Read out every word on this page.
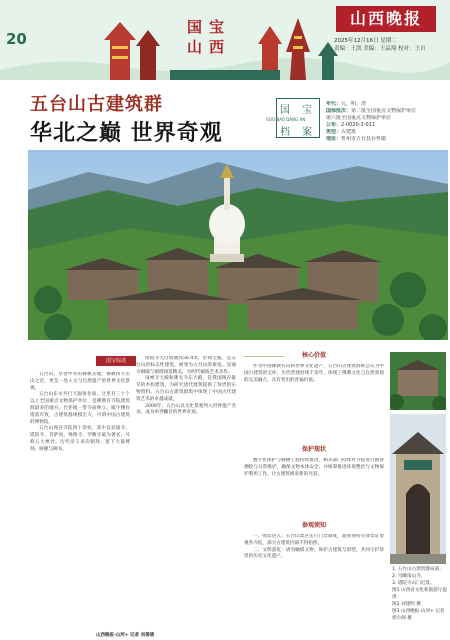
20
国 宝
山 西
山西晚报
2025年12月16日 星期二
责编：王凯 美编：王晶翔 校对：王自
五台山古建筑群
华北之巅 世界奇观
国 宝
档 案
GUO BAO DANG AN
年代：元、明、清
国保批次：第二批全国重点文物保护单位
第六批全国重点文物保护单位
公布：2-0020-3-011
类型：古建筑
地址：忻州市五台县台怀镇
国宝综述

五台山，享誉中外的佛教圣地，佛教四大名山之首，更是一处人文与自然遗产的世界文化景观。

五台山东水共行天辐射北面，这里有三十个以上全国重点文物保护单位，是佛教有寺院建筑群最多的地方。台怀镇一带寺庙林立，殿宇楼台错落有致，古建筑群规模宏大，可谓中国古建筑的博物馆。

五台山现存寺院四十余处，其中以显通寺、塔院寺、菩萨顶、殊像寺、罗睺寺最为著名，号称五大禅处。历代帝王多次朝拜，留下大量碑刻、匾额与御书。

塔院寺大白塔通高56.4米，形如宝瓶，是五台山的标志性建筑，被誉为五台山的象征。显通寺铜殿与铜塔铸造精美，为明代铜铸艺术杰作。

南禅寺大殿和佛光寺东大殿，是我国现存最早的木构建筑，为研究唐代建筑提供了珍贵的实物资料。五台山古建筑群集中体现了中国古代建筑艺术的卓越成就。

2009年，五台山以文化景观列入世界遗产名录，成为举世瞩目的世界奇观。

山西晚报·山河+ 记者 刘倩倩
核心价值

作为中国佛教名山和世界文化遗产，五台山古建筑群被公认为中国古建筑的宝库，历代营建持续千余年，体现了佛教文化与自然景观的完美融合，具有突出的普遍价值。

保护现状

数字化保护与修缮工程持续推进，相关部门持续对寺院进行勘察测绘与日常维护，确保文物本体安全，并统筹推进环境整治与文物保护利用工作，让古建筑焕发新的光彩。

参观须知

一、购票进入：五台山景区实行门票制度，游客须持有效票证参观各寺院，部分古建筑内部不得拍照。

二、文明游览：请勿触摸文物，保护古建筑与彩塑，共同守护珍贵的历史文化遗产。

1. 五台山古建筑群局部。
2. 乌瞰南山寺。
3. 塔院寺山门近景。
图1 山西省文化和旅游厅提供
图2 刘建明 摄
图3 山西晚报·山河+ 记者 郭小阁 摄
